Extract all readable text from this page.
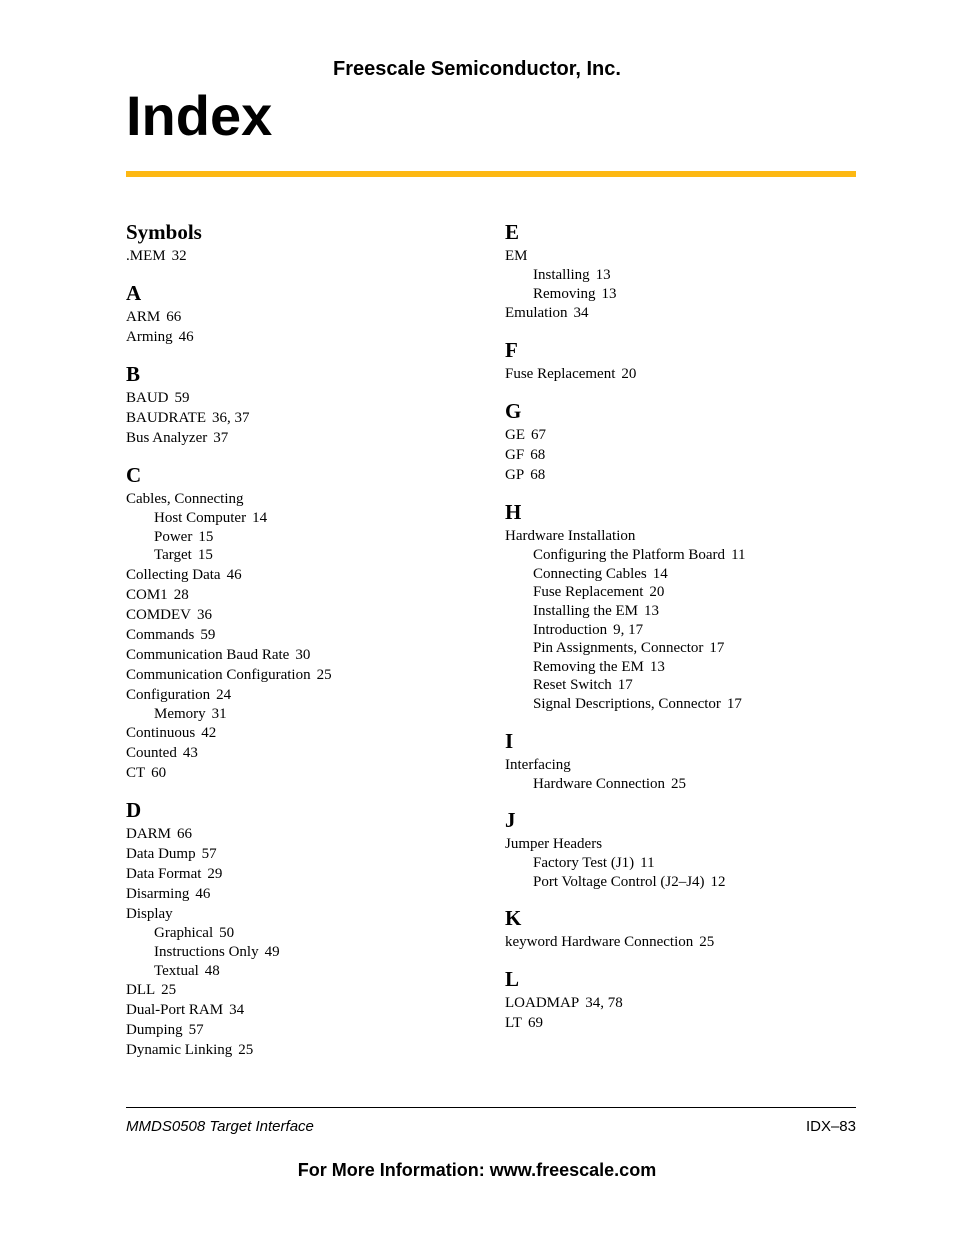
Freescale Semiconductor, Inc.
Index
Symbols
.MEM 32
A
ARM 66
Arming 46
B
BAUD 59
BAUDRATE 36, 37
Bus Analyzer 37
C
Cables, Connecting
Host Computer 14
Power 15
Target 15
Collecting Data 46
COM1 28
COMDEV 36
Commands 59
Communication Baud Rate 30
Communication Configuration 25
Configuration 24
Memory 31
Continuous 42
Counted 43
CT 60
D
DARM 66
Data Dump 57
Data Format 29
Disarming 46
Display
Graphical 50
Instructions Only 49
Textual 48
DLL 25
Dual-Port RAM 34
Dumping 57
Dynamic Linking 25
E
EM
Installing 13
Removing 13
Emulation 34
F
Fuse Replacement 20
G
GE 67
GF 68
GP 68
H
Hardware Installation
Configuring the Platform Board 11
Connecting Cables 14
Fuse Replacement 20
Installing the EM 13
Introduction 9, 17
Pin Assignments, Connector 17
Removing the EM 13
Reset Switch 17
Signal Descriptions, Connector 17
I
Interfacing
Hardware Connection 25
J
Jumper Headers
Factory Test (J1) 11
Port Voltage Control (J2–J4) 12
K
keyword Hardware Connection 25
L
LOADMAP 34, 78
LT 69
MMDS0508 Target Interface	IDX–83
For More Information: www.freescale.com
